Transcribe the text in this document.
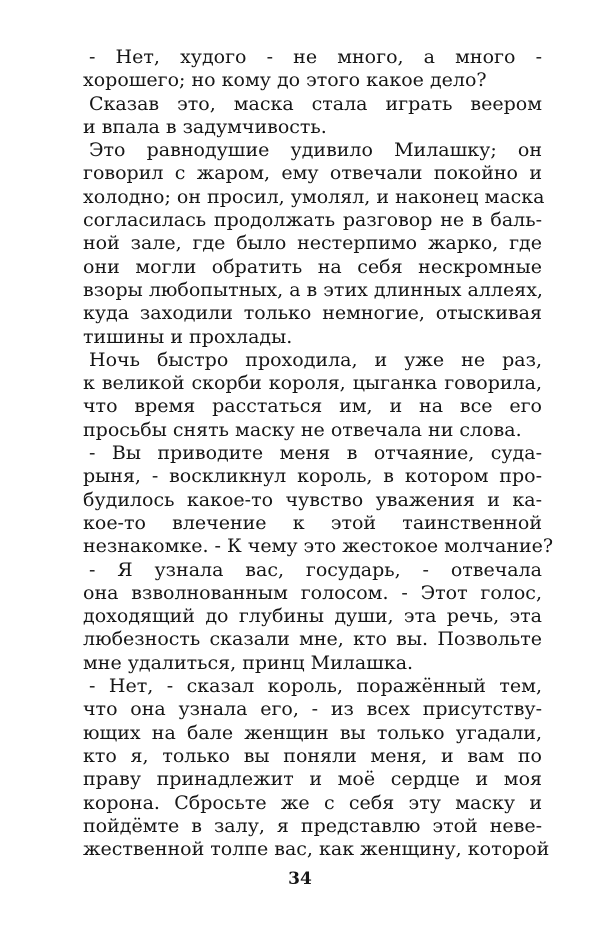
- Нет, худого - не много, а много -
хорошего; но кому до этого какое дело?
Сказав это, маска стала играть веером
и впала в задумчивость.
Это равнодушие удивило Милашку; он
говорил с жаром, ему отвечали покойно и
холодно; он просил, умолял, и наконец маска
согласилась продолжать разговор не в баль-
ной зале, где было нестерпимо жарко, где
они могли обратить на себя нескромные
взоры любопытных, а в этих длинных аллеях,
куда заходили только немногие, отыскивая
тишины и прохлады.
Ночь быстро проходила, и уже не раз,
к великой скорби короля, цыганка говорила,
что время расстаться им, и на все его
просьбы снять маску не отвечала ни слова.
- Вы приводите меня в отчаяние, суда-
рыня, - воскликнул король, в котором про-
будилось какое-то чувство уважения и ка-
кое-то влечение к этой таинственной
незнакомке. - К чему это жестокое молчание?
- Я узнала вас, государь, - отвечала
она взволнованным голосом. - Этот голос,
доходящий до глубины души, эта речь, эта
любезность сказали мне, кто вы. Позвольте
мне удалиться, принц Милашка.
- Нет, - сказал король, поражённый тем,
что она узнала его, - из всех присутству-
ющих на бале женщин вы только угадали,
кто я, только вы поняли меня, и вам по
праву принадлежит и моё сердце и моя
корона. Сбросьте же с себя эту маску и
пойдёмте в залу, я представлю этой неве-
жественной толпе вас, как женщину, которой
34
